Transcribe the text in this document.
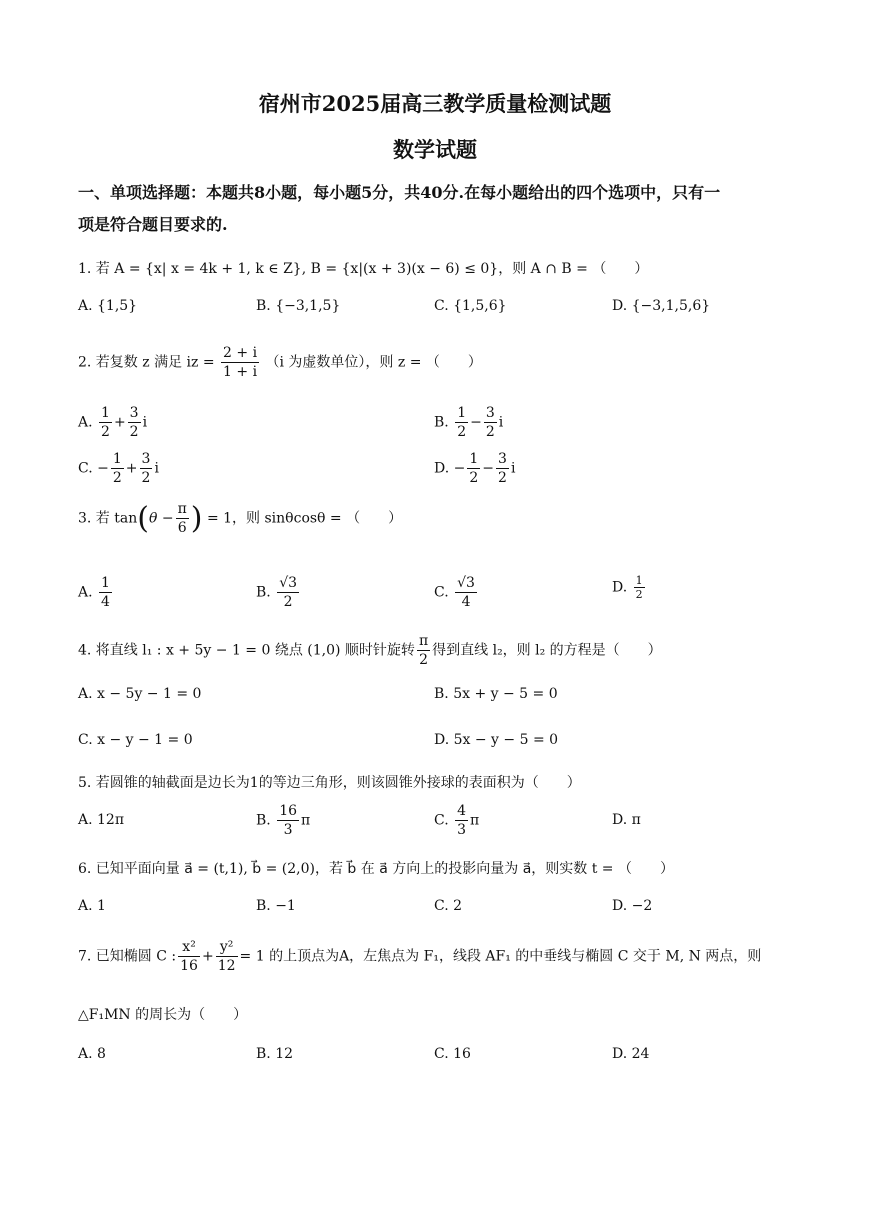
宿州市2025届高三教学质量检测试题
数学试题
一、单项选择题：本题共8小题，每小题5分，共40分.在每小题给出的四个选项中，只有一
项是符合题目要求的.
1. 若 A = {x| x = 4k + 1, k ∈ Z}, B = {x|(x + 3)(x − 6) ≤ 0}，则 A ∩ B = （　　）
A. {1,5}	B. {−3,1,5}	C. {1,5,6}	D. {−3,1,5,6}
2. 若复数 z 满足 iz = $\frac{2 + i}{1 + i} (i$ 为虚数单位），则 z = （　　）
A. $\frac{1}{2} + \frac{3}{2}$ i	B. $\frac{1}{2} - \frac{3}{2}$ i
C. − $\frac{1}{2} + \frac{3}{2}$ i	D. − $\frac{1}{2} - \frac{3}{2}$ i
3. 若 $\tan(\theta - \frac{\pi}{6}$ ) = 1，则 sinθcosθ = （　　）
A. $\frac{1}{4}$	B. $\frac{√3}{2}$	C. $\frac{√3}{4}$	D. $\frac{1}{2}$
4. 将直线 l₁ : x + 5y − 1 = 0 绕点 (1,0) 顺时针旋转 $\frac{\pi}{2}$ 得到直线 l₂，则 l₂ 的方程是（　　）
A. x − 5y − 1 = 0	B. 5x + y − 5 = 0
C. x − y − 1 = 0	D. 5x − y − 5 = 0
5. 若圆锥的轴截面是边长为1的等边三角形，则该圆锥外接球的表面积为（　　）
A. 12π	B. $\frac{16}{3}$ π	C. $\frac{4}{3}$ π	D. π
6. 已知平面向量 a⃗ = (t,1), b⃗ = (2,0)，若 b⃗ 在 a⃗ 方向上的投影向量为 a⃗，则实数 t = （　　）
A. 1	B. −1	C. 2	D. −2
7. 已知椭圆 C : $\frac{\text{x²}}{16} + \frac{\text{y²}}{12} = 1$ 的上顶点为A，左焦点为 F₁，线段 AF₁ 的中垂线与椭圆 C 交于 M, N 两点，则
△F₁MN 的周长为（　　）
A. 8	B. 12	C. 16	D. 24
